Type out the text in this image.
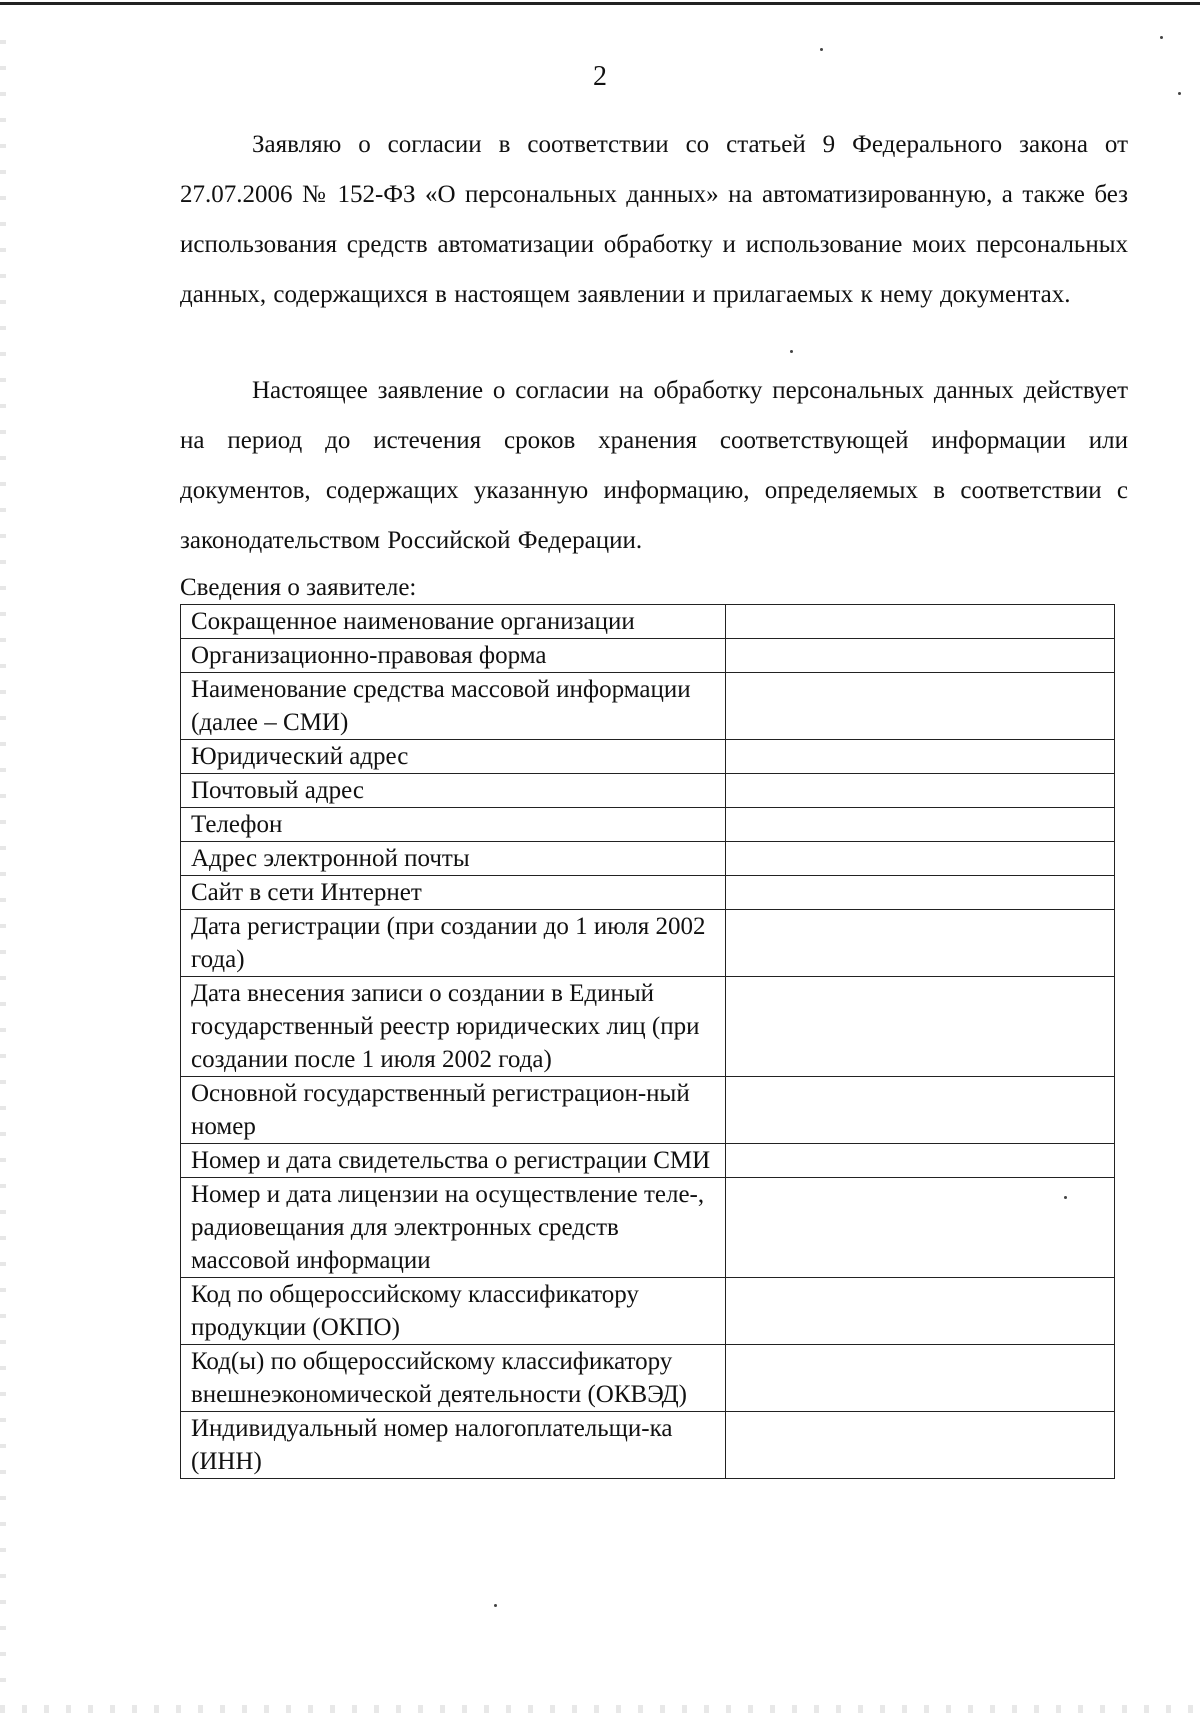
2

Заявляю о согласии в соответствии со статьей 9 Федерального закона от 27.07.2006 № 152-ФЗ «О персональных данных» на автоматизированную, а также без использования средств автоматизации обработку и использование моих персональных данных, содержащихся в настоящем заявлении и прилагаемых к нему документах.

Настоящее заявление о согласии на обработку персональных данных действует на период до истечения сроков хранения соответствующей информации или документов, содержащих указанную информацию, определяемых в соответствии с законодательством Российской Федерации.

Сведения о заявителе:
Сокращенное наименование организации	
Организационно-правовая форма	
Наименование средства массовой информации (далее – СМИ)	
Юридический адрес	
Почтовый адрес	
Телефон	
Адрес электронной почты	
Сайт в сети Интернет	
Дата регистрации (при создании до 1 июля 2002 года)	
Дата внесения записи о создании в Единый государственный реестр юридических лиц (при создании после 1 июля 2002 года)	
Основной государственный регистрацион-ный номер	
Номер и дата свидетельства о регистрации СМИ	
Номер и дата лицензии на осуществление теле-, радиовещания для электронных средств массовой информации	
Код по общероссийскому классификатору продукции (ОКПО)	
Код(ы) по общероссийскому классификатору внешнеэкономической деятельности (ОКВЭД)	
Индивидуальный номер налогоплательщи-ка (ИНН)	
